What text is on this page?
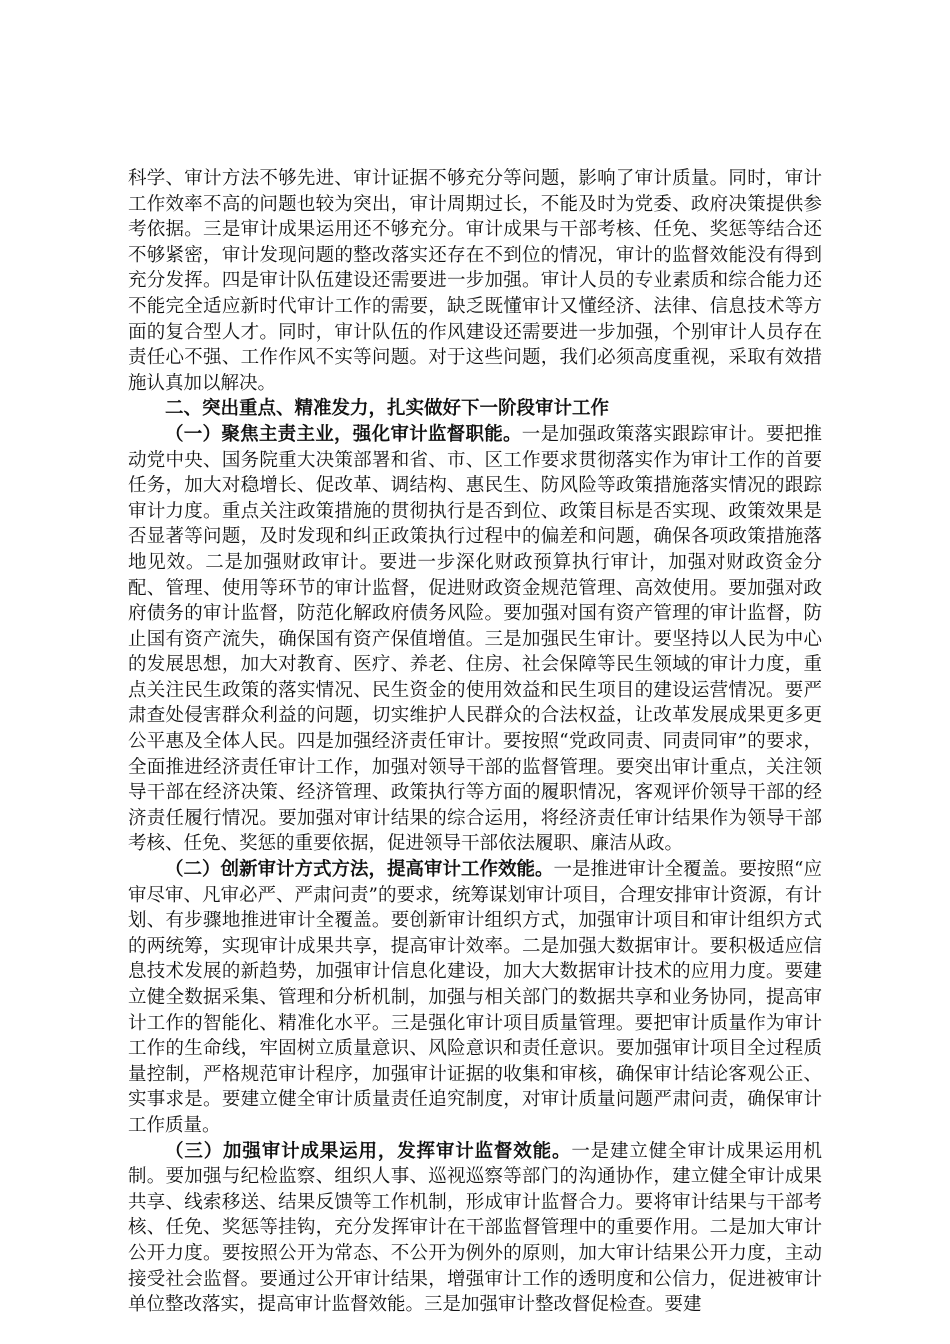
科学、审计方法不够先进、审计证据不够充分等问题，影响了审计质量。同时，审计工作效率不高的问题也较为突出，审计周期过长，不能及时为党委、政府决策提供参考依据。三是审计成果运用还不够充分。审计成果与干部考核、任免、奖惩等结合还不够紧密，审计发现问题的整改落实还存在不到位的情况，审计的监督效能没有得到充分发挥。四是审计队伍建设还需要进一步加强。审计人员的专业素质和综合能力还不能完全适应新时代审计工作的需要，缺乏既懂审计又懂经济、法律、信息技术等方面的复合型人才。同时，审计队伍的作风建设还需要进一步加强，个别审计人员存在责任心不强、工作作风不实等问题。对于这些问题，我们必须高度重视，采取有效措施认真加以解决。

二、突出重点、精准发力，扎实做好下一阶段审计工作

（一）聚焦主责主业，强化审计监督职能。一是加强政策落实跟踪审计。要把推动党中央、国务院重大决策部署和省、市、区工作要求贯彻落实作为审计工作的首要任务，加大对稳增长、促改革、调结构、惠民生、防风险等政策措施落实情况的跟踪审计力度。重点关注政策措施的贯彻执行是否到位、政策目标是否实现、政策效果是否显著等问题，及时发现和纠正政策执行过程中的偏差和问题，确保各项政策措施落地见效。二是加强财政审计。要进一步深化财政预算执行审计，加强对财政资金分配、管理、使用等环节的审计监督，促进财政资金规范管理、高效使用。要加强对政府债务的审计监督，防范化解政府债务风险。要加强对国有资产管理的审计监督，防止国有资产流失，确保国有资产保值增值。三是加强民生审计。要坚持以人民为中心的发展思想，加大对教育、医疗、养老、住房、社会保障等民生领域的审计力度，重点关注民生政策的落实情况、民生资金的使用效益和民生项目的建设运营情况。要严肃查处侵害群众利益的问题，切实维护人民群众的合法权益，让改革发展成果更多更公平惠及全体人民。四是加强经济责任审计。要按照“党政同责、同责同审”的要求，全面推进经济责任审计工作，加强对领导干部的监督管理。要突出审计重点，关注领导干部在经济决策、经济管理、政策执行等方面的履职情况，客观评价领导干部的经济责任履行情况。要加强对审计结果的综合运用，将经济责任审计结果作为领导干部考核、任免、奖惩的重要依据，促进领导干部依法履职、廉洁从政。

（二）创新审计方式方法，提高审计工作效能。一是推进审计全覆盖。要按照“应审尽审、凡审必严、严肃问责”的要求，统筹谋划审计项目，合理安排审计资源，有计划、有步骤地推进审计全覆盖。要创新审计组织方式，加强审计项目和审计组织方式的两统筹，实现审计成果共享，提高审计效率。二是加强大数据审计。要积极适应信息技术发展的新趋势，加强审计信息化建设，加大大数据审计技术的应用力度。要建立健全数据采集、管理和分析机制，加强与相关部门的数据共享和业务协同，提高审计工作的智能化、精准化水平。三是强化审计项目质量管理。要把审计质量作为审计工作的生命线，牢固树立质量意识、风险意识和责任意识。要加强审计项目全过程质量控制，严格规范审计程序，加强审计证据的收集和审核，确保审计结论客观公正、实事求是。要建立健全审计质量责任追究制度，对审计质量问题严肃问责，确保审计工作质量。

（三）加强审计成果运用，发挥审计监督效能。一是建立健全审计成果运用机制。要加强与纪检监察、组织人事、巡视巡察等部门的沟通协作，建立健全审计成果共享、线索移送、结果反馈等工作机制，形成审计监督合力。要将审计结果与干部考核、任免、奖惩等挂钩，充分发挥审计在干部监督管理中的重要作用。二是加大审计公开力度。要按照公开为常态、不公开为例外的原则，加大审计结果公开力度，主动接受社会监督。要通过公开审计结果，增强审计工作的透明度和公信力，促进被审计单位整改落实，提高审计监督效能。三是加强审计整改督促检查。要建
